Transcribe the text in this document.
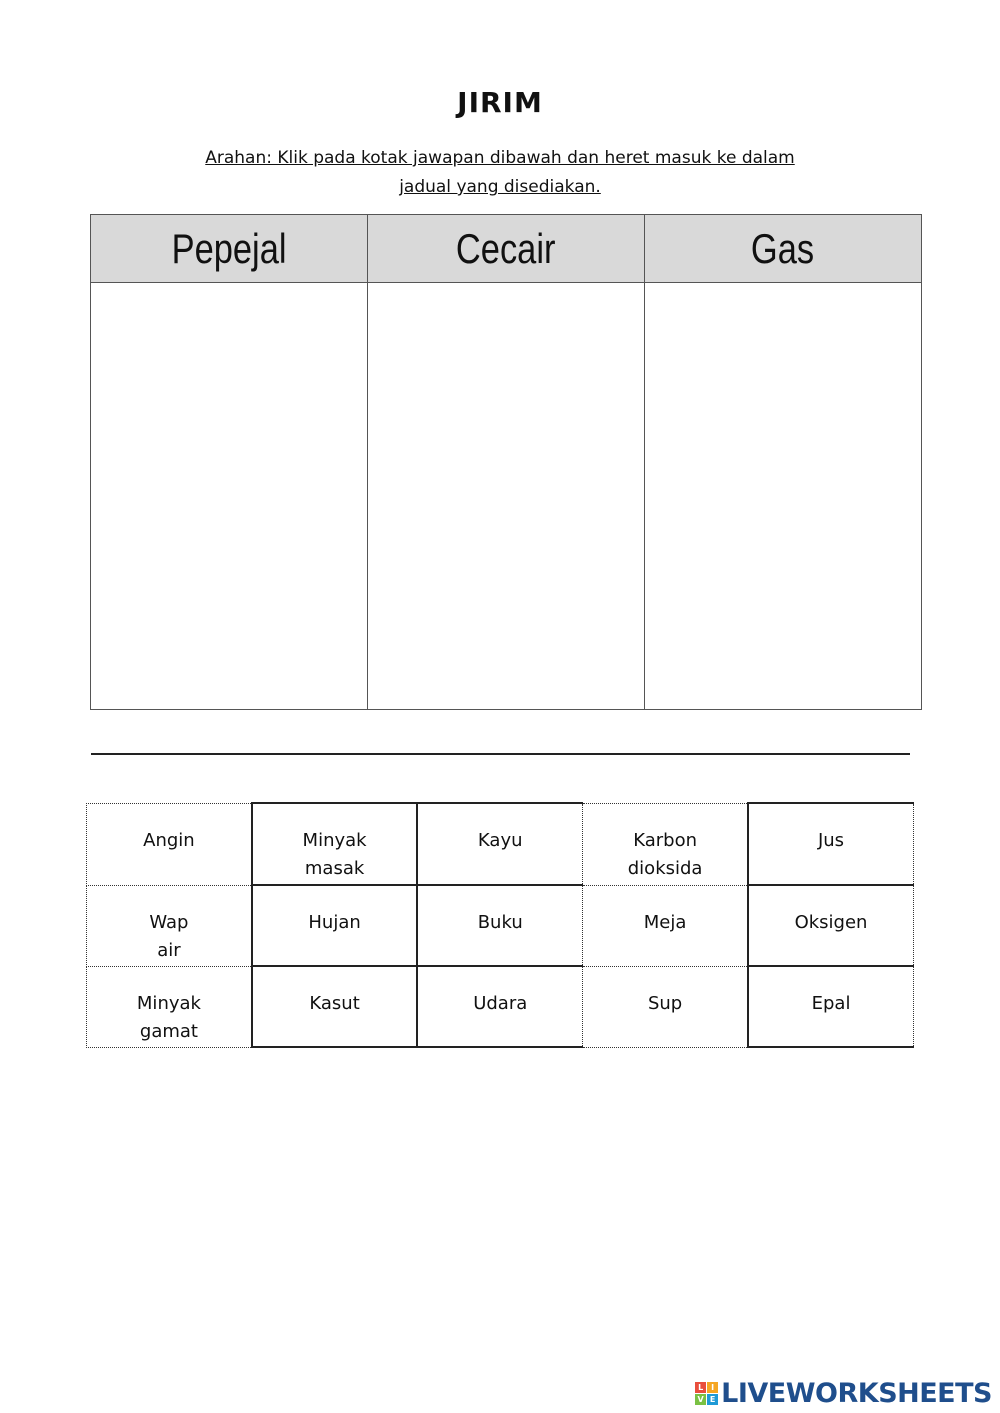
JIRIM
Arahan: Klik pada kotak jawapan dibawah dan heret masuk ke dalam
jadual yang disediakan.
Pepejal	Cecair	Gas

Angin	Minyak masak	Kayu	Karbon dioksida	Jus
Wap air	Hujan	Buku	Meja	Oksigen
Minyak gamat	Kasut	Udara	Sup	Epal
L I
V E LIVEWORKSHEETS
